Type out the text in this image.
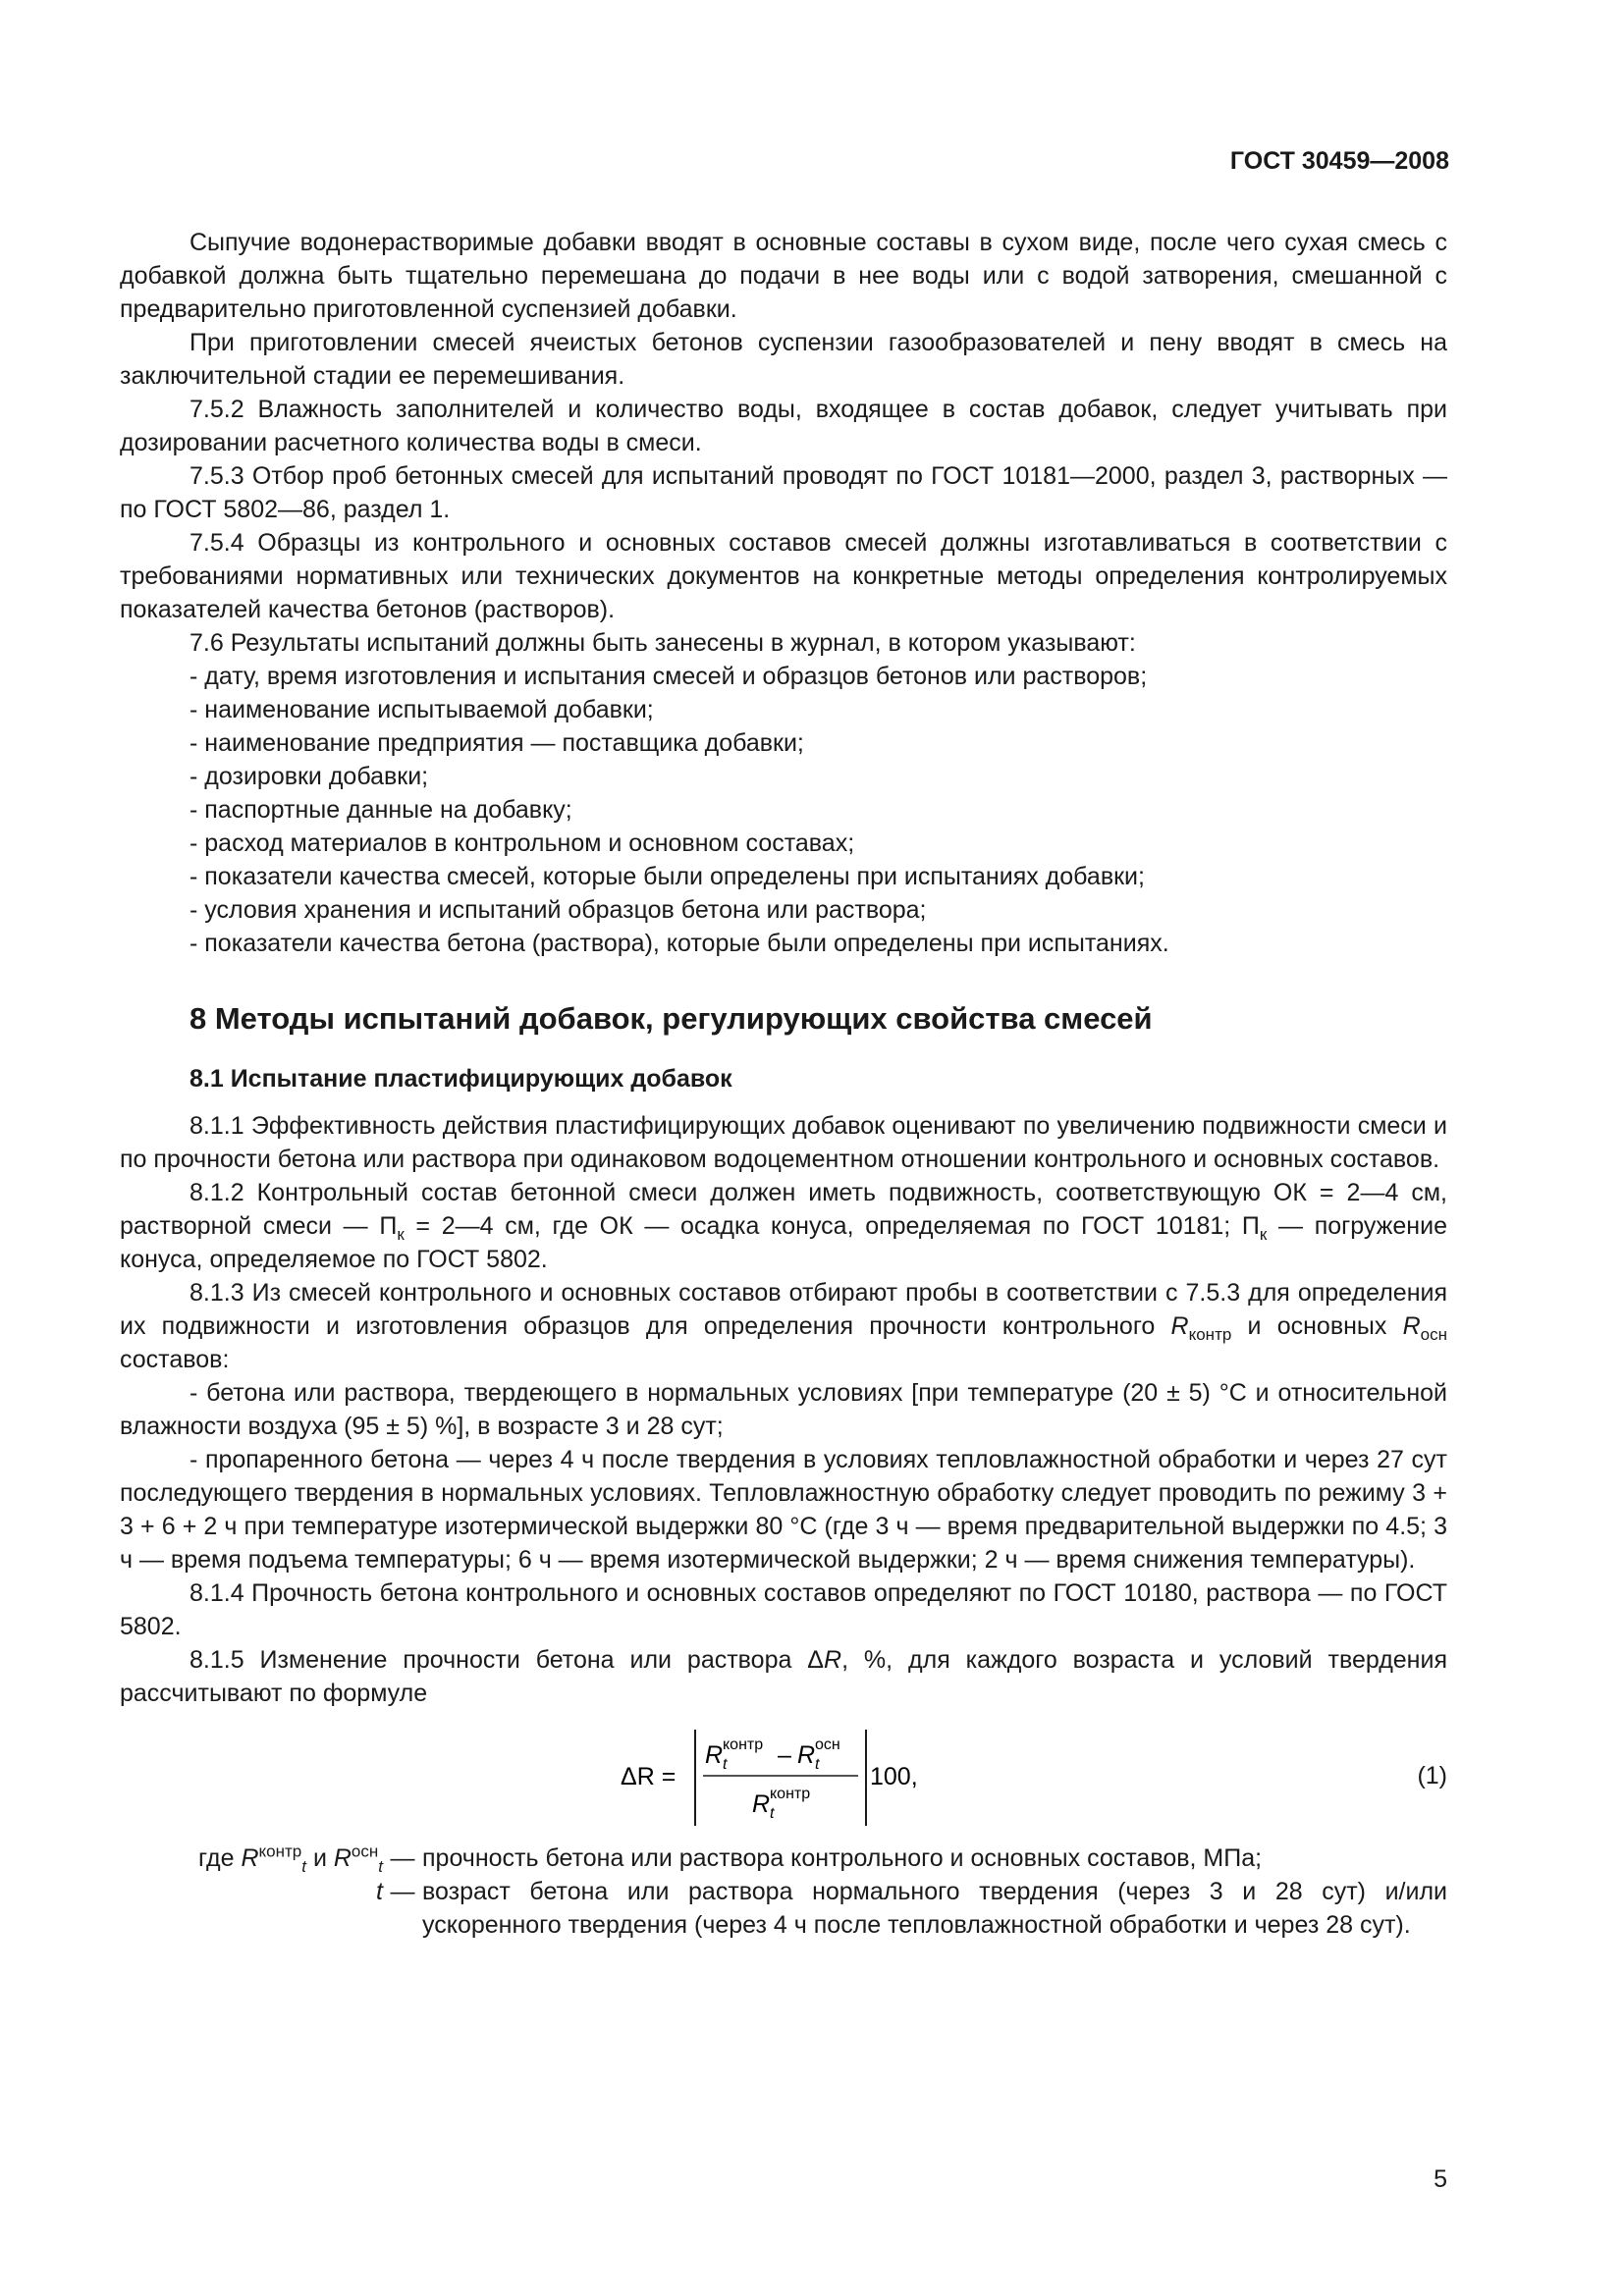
ГОСТ 30459—2008

Сыпучие водонерастворимые добавки вводят в основные составы в сухом виде, после чего сухая смесь с добавкой должна быть тщательно перемешана до подачи в нее воды или с водой затворения, смешанной с предварительно приготовленной суспензией добавки.

При приготовлении смесей ячеистых бетонов суспензии газообразователей и пену вводят в смесь на заключительной стадии ее перемешивания.

7.5.2 Влажность заполнителей и количество воды, входящее в состав добавок, следует учитывать при дозировании расчетного количества воды в смеси.

7.5.3 Отбор проб бетонных смесей для испытаний проводят по ГОСТ 10181—2000, раздел 3, растворных — по ГОСТ 5802—86, раздел 1.

7.5.4 Образцы из контрольного и основных составов смесей должны изготавливаться в соответствии с требованиями нормативных или технических документов на конкретные методы определения контролируемых показателей качества бетонов (растворов).

7.6 Результаты испытаний должны быть занесены в журнал, в котором указывают:

- дату, время изготовления и испытания смесей и образцов бетонов или растворов;

- наименование испытываемой добавки;

- наименование предприятия — поставщика добавки;

- дозировки добавки;

- паспортные данные на добавку;

- расход материалов в контрольном и основном составах;

- показатели качества смесей, которые были определены при испытаниях добавки;

- условия хранения и испытаний образцов бетона или раствора;

- показатели качества бетона (раствора), которые были определены при испытаниях.

8 Методы испытаний добавок, регулирующих свойства смесей
8.1 Испытание пластифицирующих добавок

8.1.1 Эффективность действия пластифицирующих добавок оценивают по увеличению подвижности смеси и по прочности бетона или раствора при одинаковом водоцементном отношении контрольного и основных составов.

8.1.2 Контрольный состав бетонной смеси должен иметь подвижность, соответствующую ОК = 2—4 см, растворной смеси — $П_к$ = 2—4 см, где ОК — осадка конуса, определяемая по ГОСТ 10181; $П_к$ — погружение конуса, определяемое по ГОСТ 5802.

8.1.3 Из смесей контрольного и основных составов отбирают пробы в соответствии с 7.5.3 для определения их подвижности и изготовления образцов для определения прочности контрольного $R_{контр}$ и основных $R_{осн}$ составов:

- бетона или раствора, твердеющего в нормальных условиях [при температуре (20 ± 5) °С и относительной влажности воздуха (95 ± 5) %], в возрасте 3 и 28 сут;

- пропаренного бетона — через 4 ч после твердения в условиях тепловлажностной обработки и через 27 сут последующего твердения в нормальных условиях. Тепловлажностную обработку следует проводить по режиму 3 + 3 + 6 + 2 ч при температуре изотермической выдержки 80 °С (где 3 ч — время предварительной выдержки по 4.5; 3 ч — время подъема температуры; 6 ч — время изотермической выдержки; 2 ч — время снижения температуры).

8.1.4 Прочность бетона контрольного и основных составов определяют по ГОСТ 10180, раствора — по ГОСТ 5802.

8.1.5 Изменение прочности бетона или раствора ΔR, %, для каждого возраста и условий твердения рассчитывают по формуле

ΔR =
R контр
t – R осн
t
R контр
t
100,	(1)
где $R^{контр}_t$ и $R^{осн}_t$ — прочность бетона или раствора контрольного и основных составов, МПа;
t — возраст бетона или раствора нормального твердения (через 3 и 28 сут) и/или ускоренного твердения (через 4 ч после тепловлажностной обработки и через 28 сут).
5
